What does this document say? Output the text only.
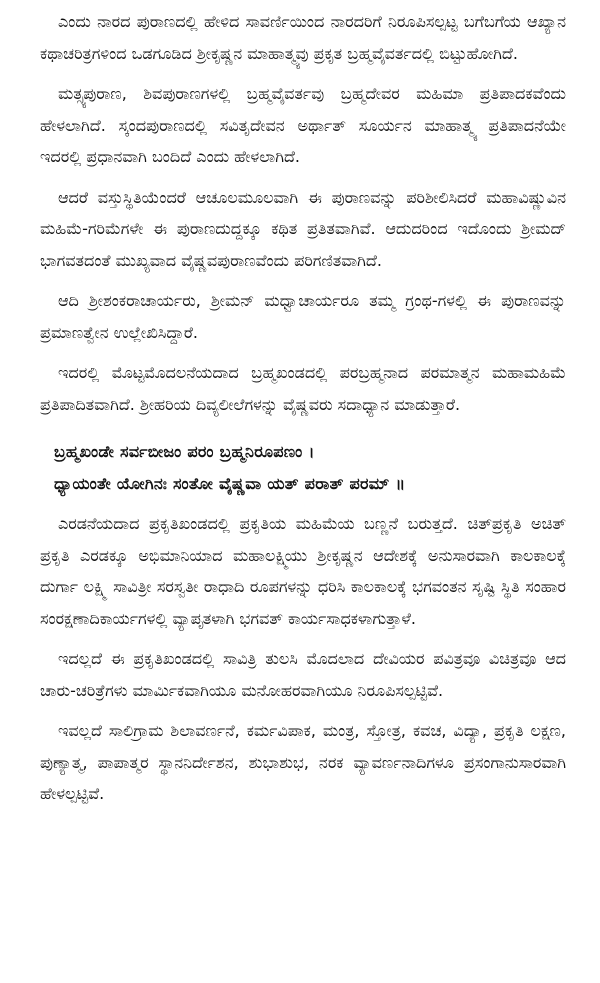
ಎಂದು ನಾರದ ಪುರಾಣದಲ್ಲಿ ಹೇಳಿದ ಸಾವರ್ಣಿಯಿಂದ ನಾರದರಿಗೆ ನಿರೂಪಿಸಲ್ಪಟ್ಟ ಬಗೆಬಗೆಯ ಆಖ್ಯಾನ ಕಥಾಚರಿತ್ರಗಳಿಂದ ಒಡಗೂಡಿದ ಶ್ರೀಕೃಷ್ಣನ ಮಾಹಾತ್ಮ್ಯವು ಪ್ರಕೃತ ಬ್ರಹ್ಮವೈವರ್ತದಲ್ಲಿ ಬಿಟ್ಟುಹೋಗಿದೆ.

ಮತ್ಸ್ಯಪುರಾಣ, ಶಿವಪುರಾಣಗಳಲ್ಲಿ ಬ್ರಹ್ಮವೈವರ್ತವು ಬ್ರಹ್ಮದೇವರ ಮಹಿಮಾ ಪ್ರತಿಪಾದಕವೆಂದು ಹೇಳಲಾಗಿದೆ. ಸ್ಕಂದಪುರಾಣದಲ್ಲಿ ಸವಿತೃದೇವನ ಅರ್ಥಾತ್ ಸೂರ್ಯನ ಮಾಹಾತ್ಮ್ಯ ಪ್ರತಿಪಾದನೆಯೇ ಇದರಲ್ಲಿ ಪ್ರಧಾನವಾಗಿ ಬಂದಿದೆ ಎಂದು ಹೇಳಲಾಗಿದೆ.

ಆದರೆ ವಸ್ತುಸ್ಥಿತಿಯೆಂದರೆ ಆಚೂಲಮೂಲವಾಗಿ ಈ ಪುರಾಣವನ್ನು ಪರಿಶೀಲಿಸಿದರೆ ಮಹಾವಿಷ್ಣುವಿನ ಮಹಿಮೆ-ಗರಿಮೆಗಳೇ ಈ ಪುರಾಣದುದ್ದಕ್ಕೂ ಕಥಿತ ಪ್ರತಿತವಾಗಿವೆ. ಆದುದರಿಂದ ಇದೊಂದು ಶ್ರೀಮದ್ ಭಾಗವತದಂತೆ ಮುಖ್ಯವಾದ ವೈಷ್ಣವಪುರಾಣವೆಂದು ಪರಿಗಣಿತವಾಗಿದೆ.

ಆದಿ ಶ್ರೀಶಂಕರಾಚಾರ್ಯರು, ಶ್ರೀಮನ್ ಮಧ್ವಾಚಾರ್ಯರೂ ತಮ್ಮ ಗ್ರಂಥ-ಗಳಲ್ಲಿ ಈ ಪುರಾಣವನ್ನು ಪ್ರಮಾಣತ್ವೇನ ಉಲ್ಲೇಖಿಸಿದ್ದಾರೆ.

ಇದರಲ್ಲಿ ಮೊಟ್ಟಮೊದಲನೆಯದಾದ ಬ್ರಹ್ಮಖಂಡದಲ್ಲಿ ಪರಬ್ರಹ್ಮನಾದ ಪರಮಾತ್ಮನ ಮಹಾಮಹಿಮೆ ಪ್ರತಿಪಾದಿತವಾಗಿದೆ. ಶ್ರೀಹರಿಯ ದಿವ್ಯಲೀಲೆಗಳನ್ನು ವೈಷ್ಣವರು ಸದಾಧ್ಯಾನ ಮಾಡುತ್ತಾರೆ.

ಬ್ರಹ್ಮಖಂಡೇ ಸರ್ವಬೀಜಂ ಪರಂ ಬ್ರಹ್ಮನಿರೂಪಣಂ ।
ಧ್ಯಾಯಂತೇ ಯೋಗಿನಃ ಸಂತೋ ವೈಷ್ಣವಾ ಯತ್ ಪರಾತ್ ಪರಮ್ ॥

ಎರಡನೆಯದಾದ ಪ್ರಕೃತಿಖಂಡದಲ್ಲಿ ಪ್ರಕೃತಿಯ ಮಹಿಮೆಯ ಬಣ್ಣನೆ ಬರುತ್ತದೆ. ಚಿತ್‌ಪ್ರಕೃತಿ ಅಚಿತ್ ಪ್ರಕೃತಿ ಎರಡಕ್ಕೂ ಅಭಿಮಾನಿಯಾದ ಮಹಾಲಕ್ಷ್ಮಿಯು ಶ್ರೀಕೃಷ್ಣನ ಆದೇಶಕ್ಕೆ ಅನುಸಾರವಾಗಿ ಕಾಲಕಾಲಕ್ಕೆ ದುರ್ಗಾ ಲಕ್ಷ್ಮಿ ಸಾವಿತ್ರೀ ಸರಸ್ವತೀ ರಾಧಾದಿ ರೂಪಗಳನ್ನು ಧರಿಸಿ ಕಾಲಕಾಲಕ್ಕೆ ಭಗವಂತನ ಸೃಷ್ಟಿ ಸ್ಥಿತಿ ಸಂಹಾರ ಸಂರಕ್ಷಣಾದಿಕಾರ್ಯಗಳಲ್ಲಿ ವ್ಯಾಪೃತಳಾಗಿ ಭಗವತ್ ಕಾರ್ಯಸಾಧಕಳಾಗುತ್ತಾಳೆ.

ಇದಲ್ಲದೆ ಈ ಪ್ರಕೃತಿಖಂಡದಲ್ಲಿ ಸಾವಿತ್ರಿ ತುಲಸಿ ಮೊದಲಾದ ದೇವಿಯರ ಪವಿತ್ರವೂ ವಿಚಿತ್ರವೂ ಆದ ಚಾರು-ಚರಿತ್ರೆಗಳು ಮಾರ್ಮಿಕವಾಗಿಯೂ ಮನೋಹರವಾಗಿಯೂ ನಿರೂಪಿಸಲ್ಪಟ್ಟಿವೆ.

ಇವಲ್ಲದೆ ಸಾಲಿಗ್ರಾಮ ಶಿಲಾವರ್ಣನೆ, ಕರ್ಮವಿಪಾಕ, ಮಂತ್ರ, ಸ್ತೋತ್ರ, ಕವಚ, ವಿದ್ಯಾ, ಪ್ರಕೃತಿ ಲಕ್ಷಣ, ಪುಣ್ಯಾತ್ಮ, ಪಾಪಾತ್ಮರ ಸ್ಥಾನನಿರ್ದೇಶನ, ಶುಭಾಶುಭ, ನರಕ ವ್ಯಾವರ್ಣನಾದಿಗಳೂ ಪ್ರಸಂಗಾನುಸಾರವಾಗಿ ಹೇಳಲ್ಪಟ್ಟಿವೆ.
